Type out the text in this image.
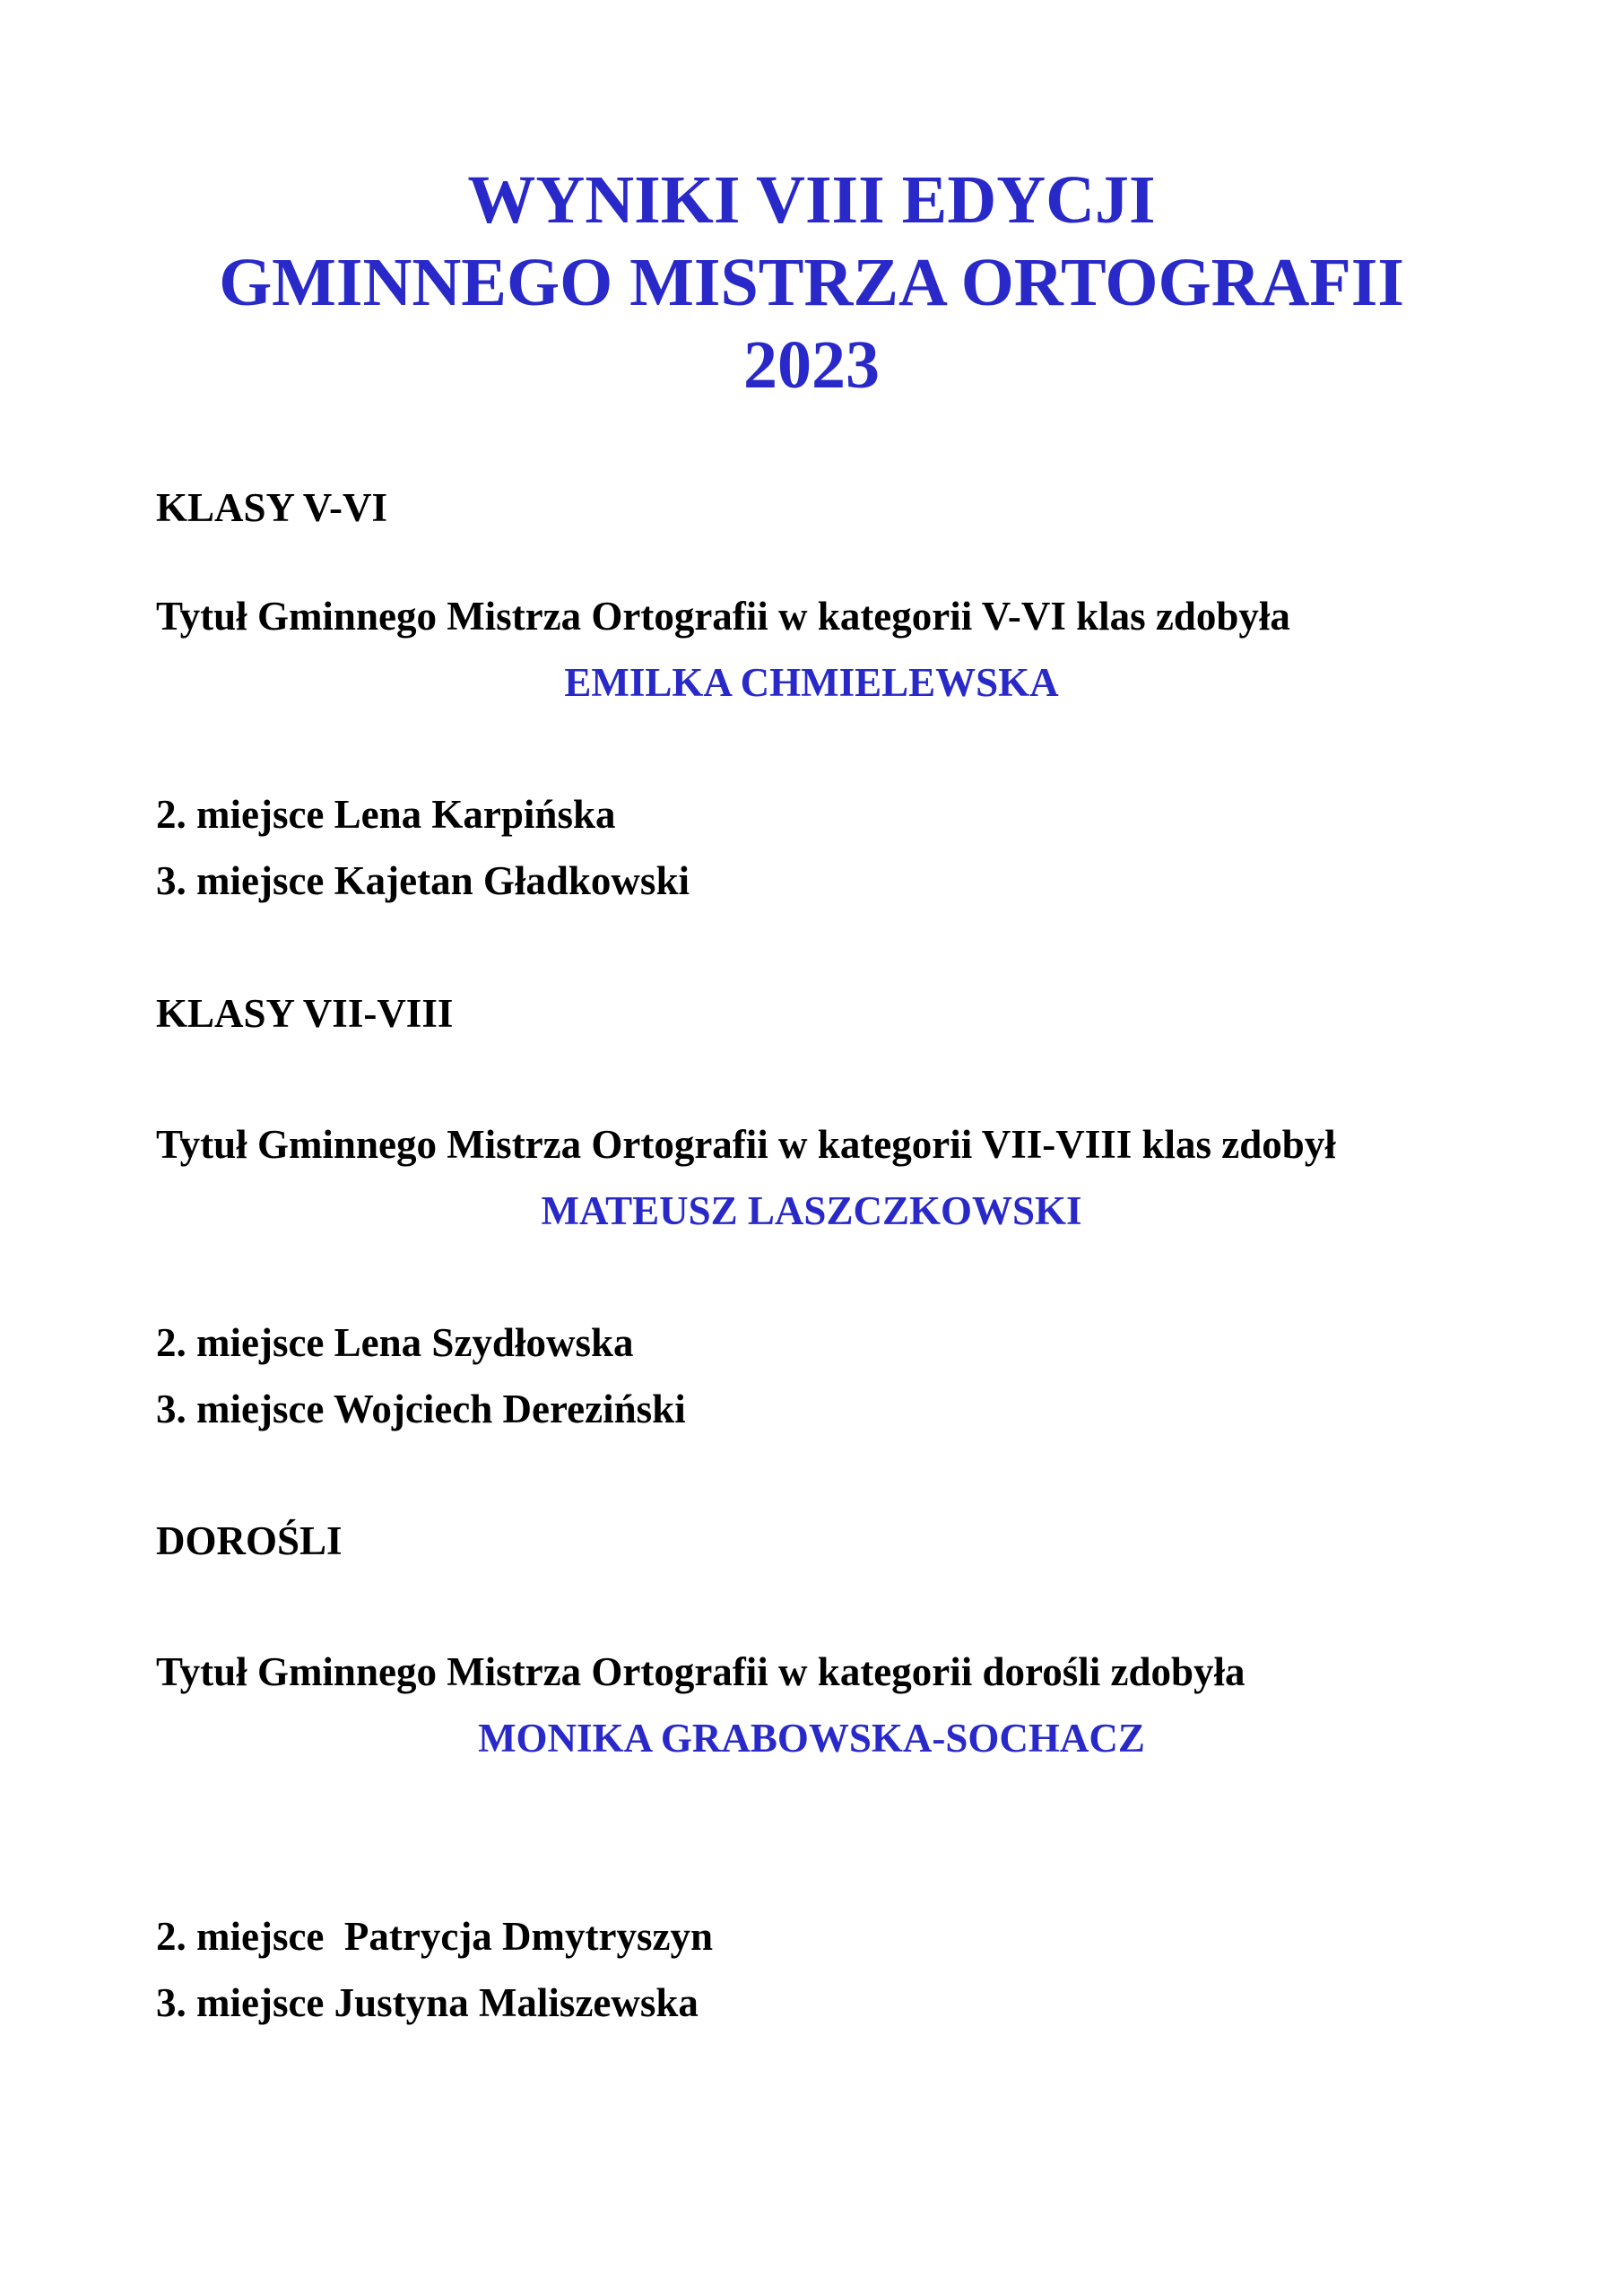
WYNIKI VIII EDYCJI
GMINNEGO MISTRZA ORTOGRAFII
2023
KLASY V-VI
Tytuł Gminnego Mistrza Ortografii w kategorii V-VI klas zdobyła
EMILKA CHMIELEWSKA
2. miejsce Lena Karpińska
3. miejsce Kajetan Gładkowski
KLASY VII-VIII
Tytuł Gminnego Mistrza Ortografii w kategorii VII-VIII klas zdobył
MATEUSZ LASZCZKOWSKI
2. miejsce Lena Szydłowska
3. miejsce Wojciech Dereziński
DOROŚLI
Tytuł Gminnego Mistrza Ortografii w kategorii dorośli zdobyła
MONIKA GRABOWSKA-SOCHACZ
2. miejsce  Patrycja Dmytryszyn
3. miejsce Justyna Maliszewska
